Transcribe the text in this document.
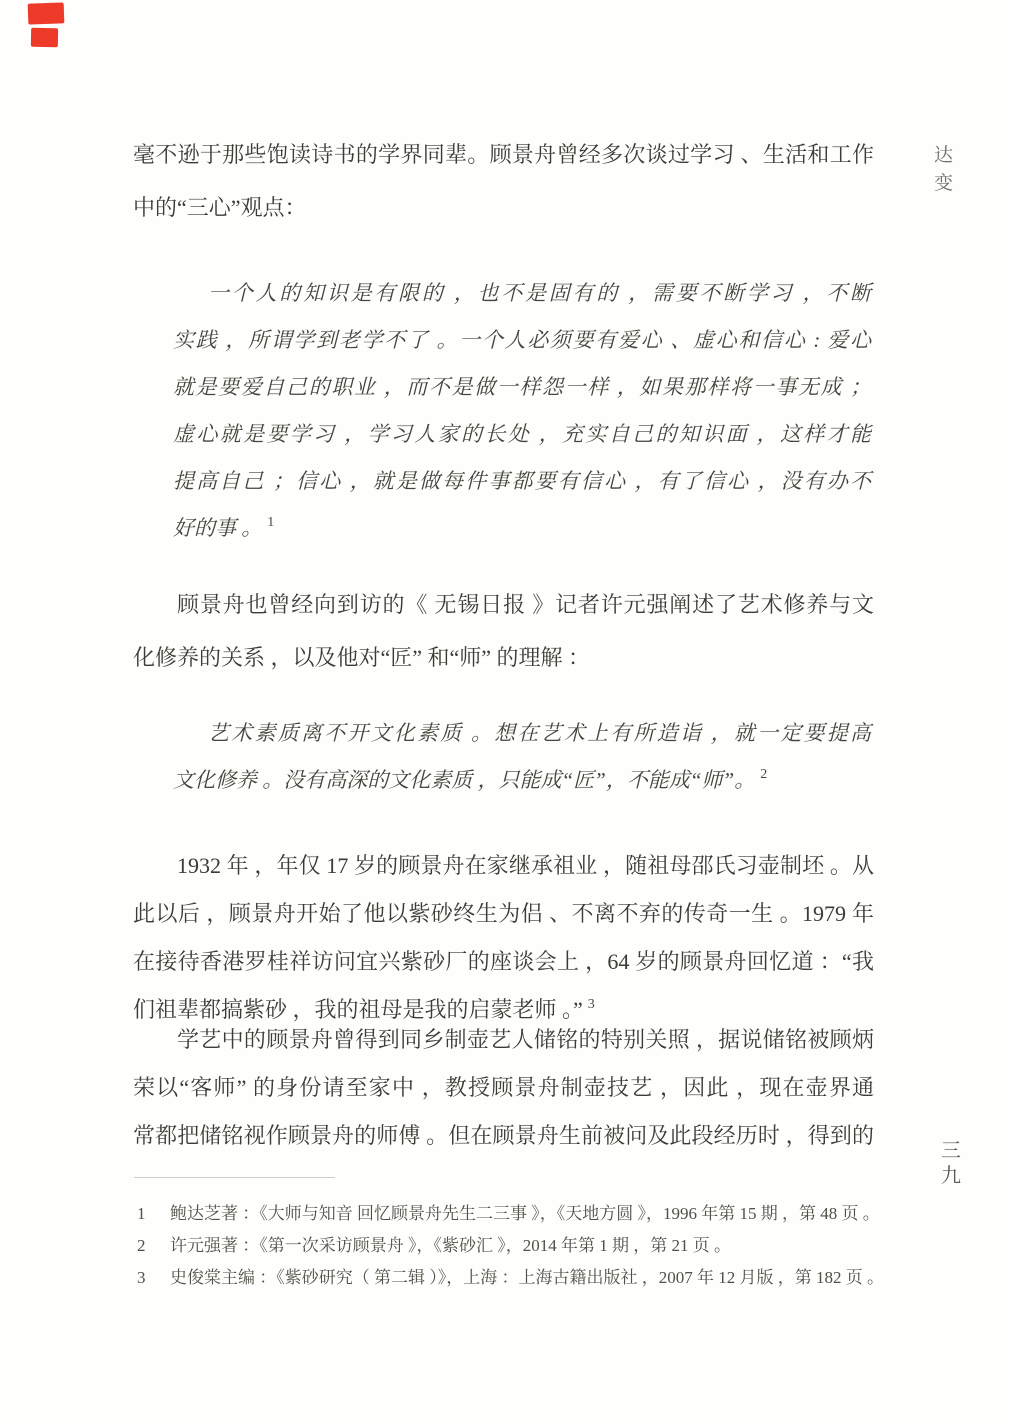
达
变
毫不逊于那些饱读诗书的学界同辈。顾景舟曾经多次谈过学习 、生活和工作
中的“三心”观点：
一个人的知识是有限的 ，也不是固有的 ，需要不断学习 ，不断
实践 ，所谓学到老学不了 。一个人必须要有爱心 、虚心和信心 : 爱心
就是要爱自己的职业 ，而不是做一样怨一样 ，如果那样将一事无成 ；
虚心就是要学习 ，学习人家的长处 ，充实自己的知识面 ，这样才能
提高自己 ；信心 ，就是做每件事都要有信心 ，有了信心 ，没有办不
好的事 。 $^1$
顾景舟也曾经向到访的《 无锡日报 》记者许元强阐述了艺术修养与文
化修养的关系 ，以及他对“匠” 和“师” 的理解 ：
艺术素质离不开文化素质 。想在艺术上有所造诣 ，就一定要提高
文化修养 。没有高深的文化素质 ，只能成“匠”，不能成“师”。 $^2$
1932 年 ，年仅 17 岁的顾景舟在家继承祖业 ，随祖母邵氏习壶制坯 。从
此以后 ，顾景舟开始了他以紫砂终生为侣 、不离不弃的传奇一生 。1979 年
在接待香港罗桂祥访问宜兴紫砂厂的座谈会上 ，64 岁的顾景舟回忆道 ：“我
们祖辈都搞紫砂 ，我的祖母是我的启蒙老师 。” $^3$
学艺中的顾景舟曾得到同乡制壶艺人储铭的特别关照 ，据说储铭被顾炳
荣以“客师” 的身份请至家中 ，教授顾景舟制壶技艺 ，因此 ，现在壶界通
常都把储铭视作顾景舟的师傅 。但在顾景舟生前被问及此段经历时 ，得到的
1	鲍达芝著 ：《大师与知音 回忆顾景舟先生二三事 》，《天地方圆 》，1996 年第 15 期 ，第 48 页 。
2	许元强著 ：《第一次采访顾景舟 》，《紫砂汇 》，2014 年第 1 期 ，第 21 页 。
3	史俊棠主编 ：《紫砂研究（ 第二辑 ）》，上海 ：上海古籍出版社 ，2007 年 12 月版 ，第 182 页 。
三
九
